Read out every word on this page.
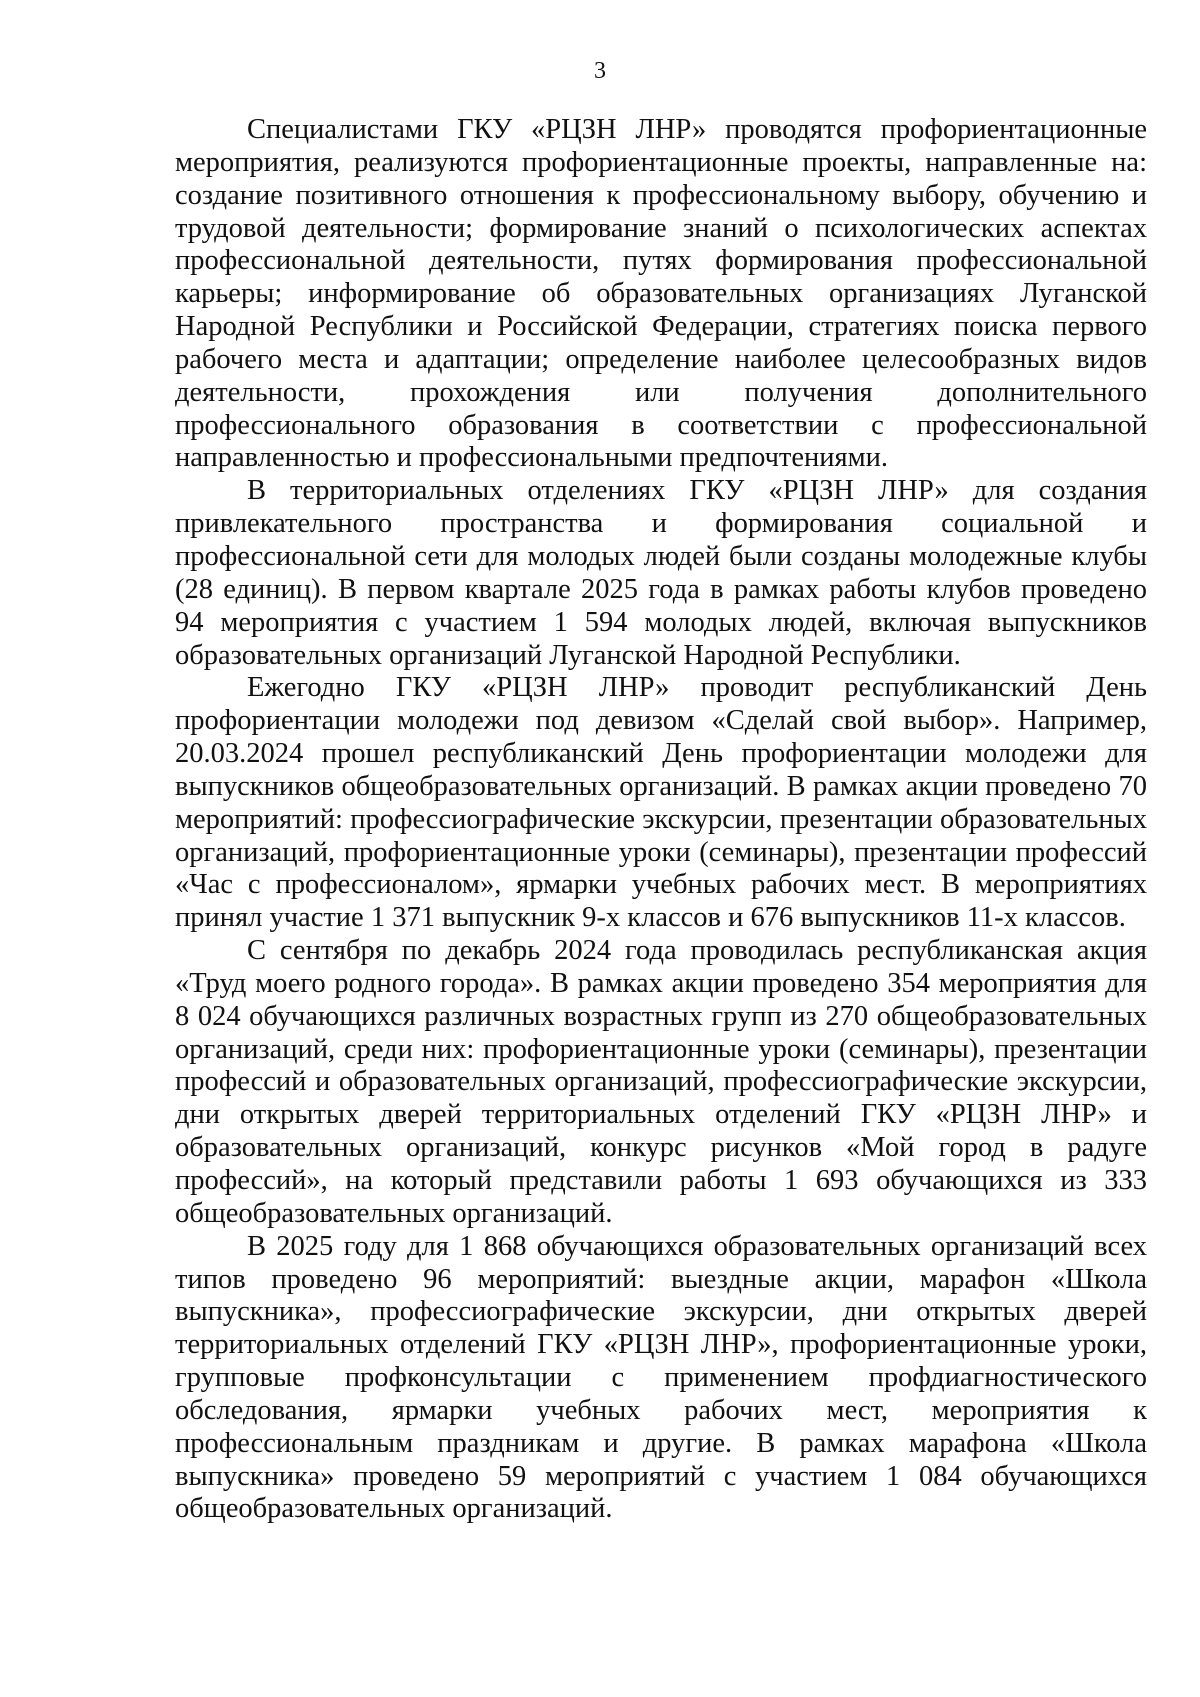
3

Специалистами ГКУ «РЦЗН ЛНР» проводятся профориентационные мероприятия, реализуются профориентационные проекты, направленные на: создание позитивного отношения к профессиональному выбору, обучению и трудовой деятельности; формирование знаний о психологических аспектах профессиональной деятельности, путях формирования профессиональной карьеры; информирование об образовательных организациях Луганской Народной Республики и Российской Федерации, стратегиях поиска первого рабочего места и адаптации; определение наиболее целесообразных видов деятельности, прохождения или получения дополнительного профессионального образования в соответствии с профессиональной направленностью и профессиональными предпочтениями.

В территориальных отделениях ГКУ «РЦЗН ЛНР» для создания привлекательного пространства и формирования социальной и профессиональной сети для молодых людей были созданы молодежные клубы (28 единиц). В первом квартале 2025 года в рамках работы клубов проведено 94 мероприятия с участием 1 594 молодых людей, включая выпускников образовательных организаций Луганской Народной Республики.

Ежегодно ГКУ «РЦЗН ЛНР» проводит республиканский День профориентации молодежи под девизом «Сделай свой выбор». Например, 20.03.2024 прошел республиканский День профориентации молодежи для выпускников общеобразовательных организаций. В рамках акции проведено 70 мероприятий: профессиографические экскурсии, презентации образовательных организаций, профориентационные уроки (семинары), презентации профессий «Час с профессионалом», ярмарки учебных рабочих мест. В мероприятиях принял участие 1 371 выпускник 9-х классов и 676 выпускников 11-х классов.

С сентября по декабрь 2024 года проводилась республиканская акция «Труд моего родного города». В рамках акции проведено 354 мероприятия для 8 024 обучающихся различных возрастных групп из 270 общеобразовательных организаций, среди них: профориентационные уроки (семинары), презентации профессий и образовательных организаций, профессиографические экскурсии, дни открытых дверей территориальных отделений ГКУ «РЦЗН ЛНР» и образовательных организаций, конкурс рисунков «Мой город в радуге профессий», на который представили работы 1 693 обучающихся из 333 общеобразовательных организаций.

В 2025 году для 1 868 обучающихся образовательных организаций всех типов проведено 96 мероприятий: выездные акции, марафон «Школа выпускника», профессиографические экскурсии, дни открытых дверей территориальных отделений ГКУ «РЦЗН ЛНР», профориентационные уроки, групповые профконсультации с применением профдиагностического обследования, ярмарки учебных рабочих мест, мероприятия к профессиональным праздникам и другие. В рамках марафона «Школа выпускника» проведено 59 мероприятий с участием 1 084 обучающихся общеобразовательных организаций.
